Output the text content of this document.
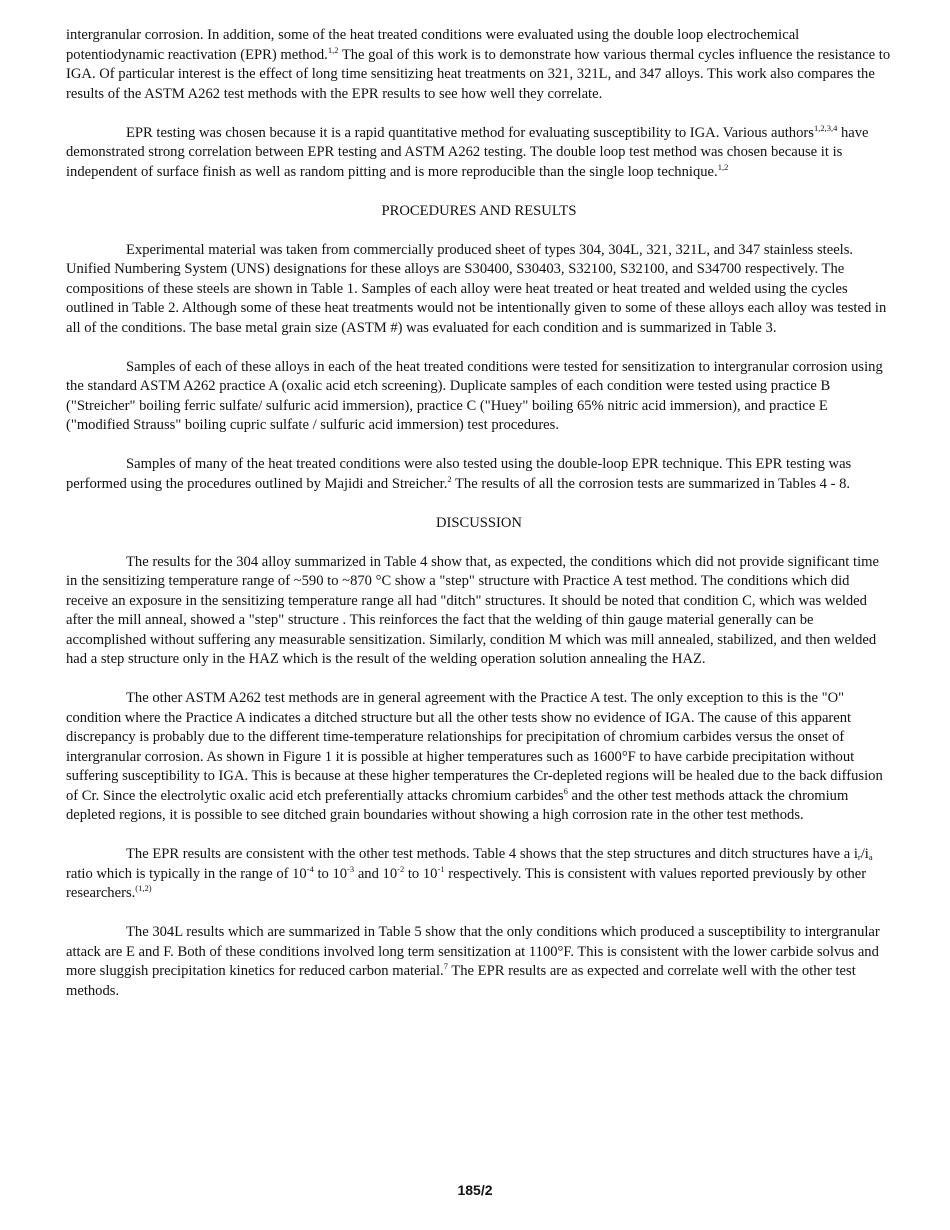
intergranular corrosion. In addition, some of the heat treated conditions were evaluated using the double loop electrochemical potentiodynamic reactivation (EPR) method.$^{1,2}$ The goal of this work is to demonstrate how various thermal cycles influence the resistance to IGA. Of particular interest is the effect of long time sensitizing heat treatments on 321, 321L, and 347 alloys. This work also compares the results of the ASTM A262 test methods with the EPR results to see how well they correlate.

EPR testing was chosen because it is a rapid quantitative method for evaluating susceptibility to IGA. Various authors$^{1,2,3,4}$ have demonstrated strong correlation between EPR testing and ASTM A262 testing. The double loop test method was chosen because it is independent of surface finish as well as random pitting and is more reproducible than the single loop technique.$^{1,2}$

PROCEDURES AND RESULTS

Experimental material was taken from commercially produced sheet of types 304, 304L, 321, 321L, and 347 stainless steels. Unified Numbering System (UNS) designations for these alloys are S30400, S30403, S32100, S32100, and S34700 respectively. The compositions of these steels are shown in Table 1. Samples of each alloy were heat treated or heat treated and welded using the cycles outlined in Table 2. Although some of these heat treatments would not be intentionally given to some of these alloys each alloy was tested in all of the conditions. The base metal grain size (ASTM #) was evaluated for each condition and is summarized in Table 3.

Samples of each of these alloys in each of the heat treated conditions were tested for sensitization to intergranular corrosion using the standard ASTM A262 practice A (oxalic acid etch screening). Duplicate samples of each condition were tested using practice B ("Streicher" boiling ferric sulfate/ sulfuric acid immersion), practice C ("Huey" boiling 65% nitric acid immersion), and practice E ("modified Strauss" boiling cupric sulfate / sulfuric acid immersion) test procedures.

Samples of many of the heat treated conditions were also tested using the double-loop EPR technique. This EPR testing was performed using the procedures outlined by Majidi and Streicher.$^2$ The results of all the corrosion tests are summarized in Tables 4 - 8.

DISCUSSION

The results for the 304 alloy summarized in Table 4 show that, as expected, the conditions which did not provide significant time in the sensitizing temperature range of ~590 to ~870 °C show a "step" structure with Practice A test method. The conditions which did receive an exposure in the sensitizing temperature range all had "ditch" structures. It should be noted that condition C, which was welded after the mill anneal, showed a "step" structure . This reinforces the fact that the welding of thin gauge material generally can be accomplished without suffering any measurable sensitization. Similarly, condition M which was mill annealed, stabilized, and then welded had a step structure only in the HAZ which is the result of the welding operation solution annealing the HAZ.

The other ASTM A262 test methods are in general agreement with the Practice A test. The only exception to this is the "O" condition where the Practice A indicates a ditched structure but all the other tests show no evidence of IGA. The cause of this apparent discrepancy is probably due to the different time-temperature relationships for precipitation of chromium carbides versus the onset of intergranular corrosion. As shown in Figure 1 it is possible at higher temperatures such as 1600°F to have carbide precipitation without suffering susceptibility to IGA. This is because at these higher temperatures the Cr-depleted regions will be healed due to the back diffusion of Cr. Since the electrolytic oxalic acid etch preferentially attacks chromium carbides$^6$ and the other test methods attack the chromium depleted regions, it is possible to see ditched grain boundaries without showing a high corrosion rate in the other test methods.

The EPR results are consistent with the other test methods. Table 4 shows that the step structures and ditch structures have a $i_r/i_a$ ratio which is typically in the range of $10^{-4}$ to $10^{-3}$ and $10^{-2}$ to $10^{-1}$ respectively. This is consistent with values reported previously by other researchers.$^{(1,2)}$

The 304L results which are summarized in Table 5 show that the only conditions which produced a susceptibility to intergranular attack are E and F. Both of these conditions involved long term sensitization at 1100°F. This is consistent with the lower carbide solvus and more sluggish precipitation kinetics for reduced carbon material.$^7$ The EPR results are as expected and correlate well with the other test methods.

185/2
